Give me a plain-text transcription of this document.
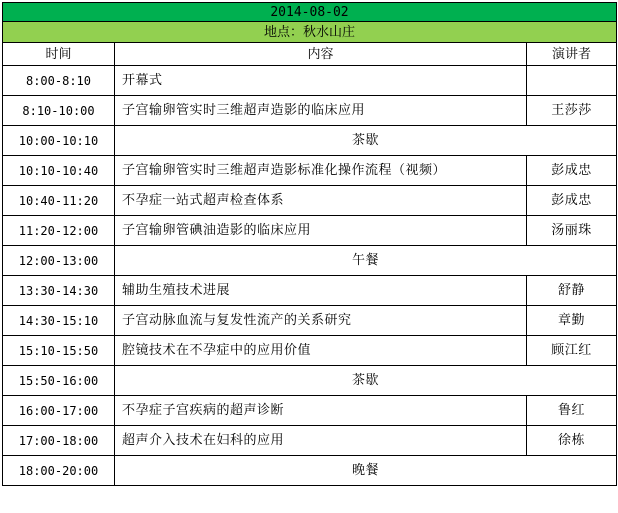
2014-08-02		
地点：秋水山庄		
时间	内容	演讲者
8:00-8:10	开幕式	
8:10-10:00	子宫输卵管实时三维超声造影的临床应用	王莎莎
10:00-10:10	茶歇	
10:10-10:40	子宫输卵管实时三维超声造影标准化操作流程（视频）	彭成忠
10:40-11:20	不孕症一站式超声检查体系	彭成忠
11:20-12:00	子宫输卵管碘油造影的临床应用	汤丽珠
12:00-13:00	午餐	
13:30-14:30	辅助生殖技术进展	舒静
14:30-15:10	子宫动脉血流与复发性流产的关系研究	章勤
15:10-15:50	腔镜技术在不孕症中的应用价值	顾江红
15:50-16:00	茶歇	
16:00-17:00	不孕症子宫疾病的超声诊断	鲁红
17:00-18:00	超声介入技术在妇科的应用	徐栋
18:00-20:00	晚餐	
